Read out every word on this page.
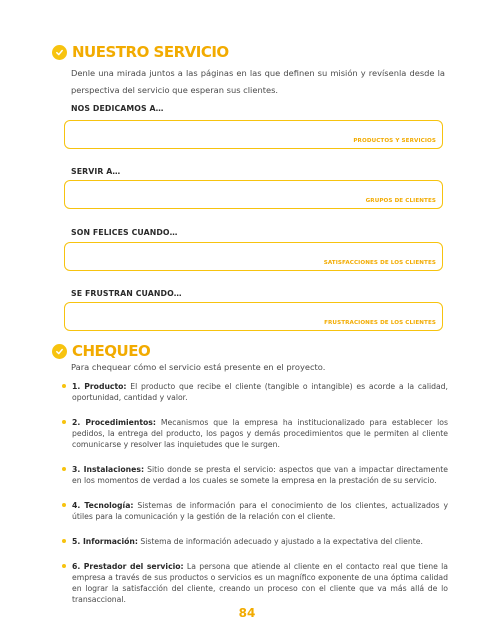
NUESTRO SERVICIO
Denle una mirada juntos a las páginas en las que definen su misión y revísenla desde la perspectiva del servicio que esperan sus clientes.
NOS DEDICAMOS A…
PRODUCTOS Y SERVICIOS
SERVIR A…
GRUPOS DE CLIENTES
SON FELICES CUANDO…
SATISFACCIONES DE LOS CLIENTES
SE FRUSTRAN CUANDO…
FRUSTRACIONES DE LOS CLIENTES
CHEQUEO
Para chequear cómo el servicio está presente en el proyecto.
1. Producto: El producto que recibe el cliente (tangible o intangible) es acorde a la calidad, oportunidad, cantidad y valor.
2. Procedimientos: Mecanismos que la empresa ha institucionalizado para establecer los pedidos, la entrega del producto, los pagos y demás procedimientos que le permiten al cliente comunicarse y resolver las inquietudes que le surgen.
3. Instalaciones: Sitio donde se presta el servicio: aspectos que van a impactar directamente en los momentos de verdad a los cuales se somete la empresa en la prestación de su servicio.
4. Tecnología: Sistemas de información para el conocimiento de los clientes, actualizados y útiles para la comunicación y la gestión de la relación con el cliente.
5. Información: Sistema de información adecuado y ajustado a la expectativa del cliente.
6. Prestador del servicio: La persona que atiende al cliente en el contacto real que tiene la empresa a través de sus productos o servicios es un magnífico exponente de una óptima calidad en lograr la satisfacción del cliente, creando un proceso con el cliente que va más allá de lo transaccional.
84
